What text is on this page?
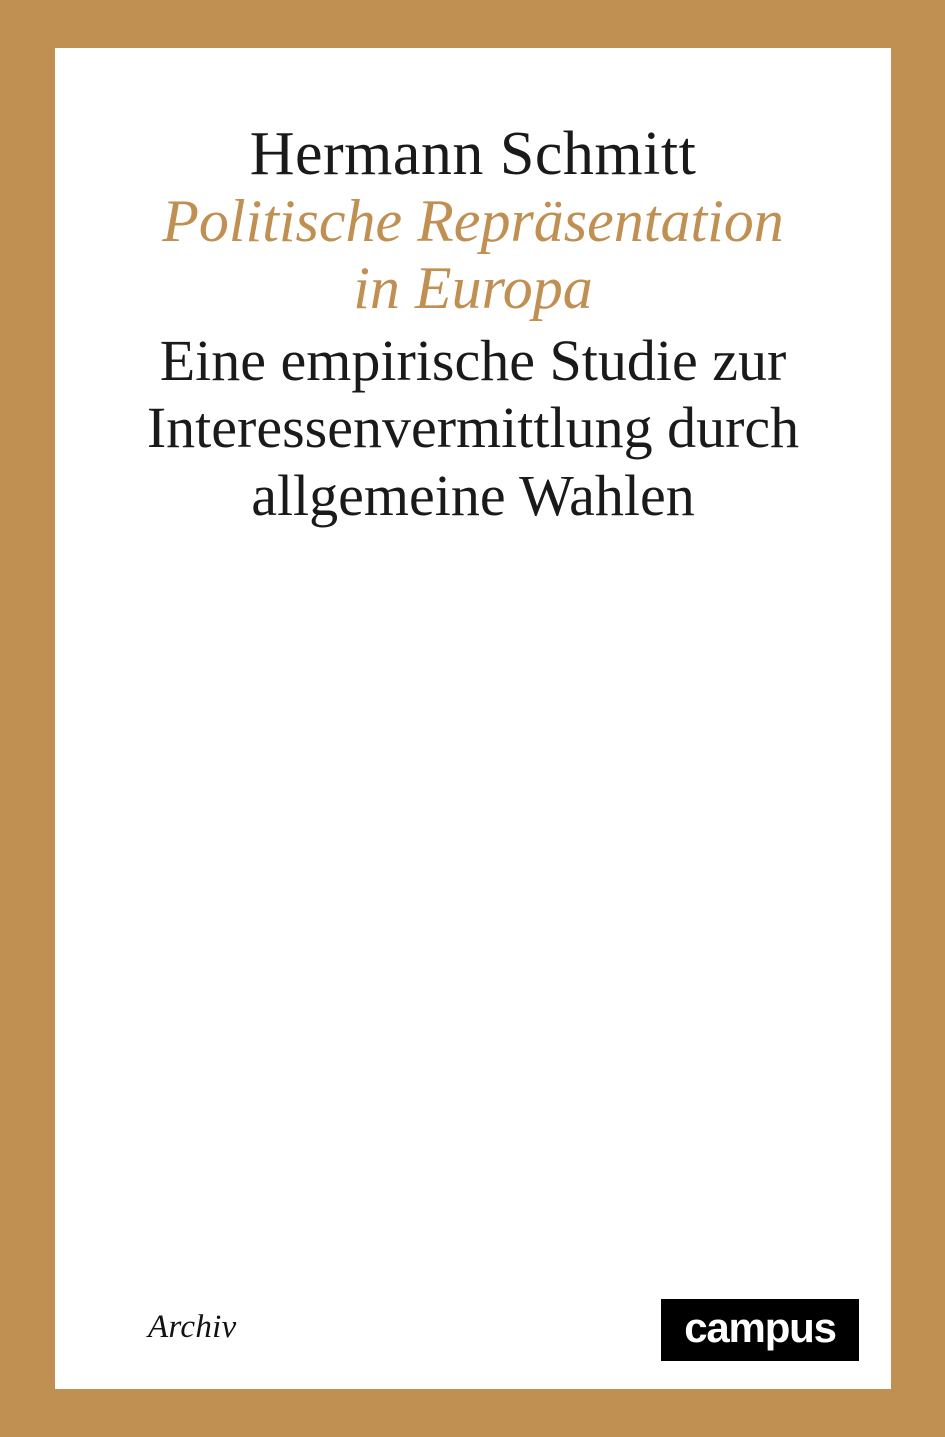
Hermann Schmitt
Politische Repräsentation in Europa
Eine empirische Studie zur Interessenvermittlung durch allgemeine Wahlen
Archiv	campus
